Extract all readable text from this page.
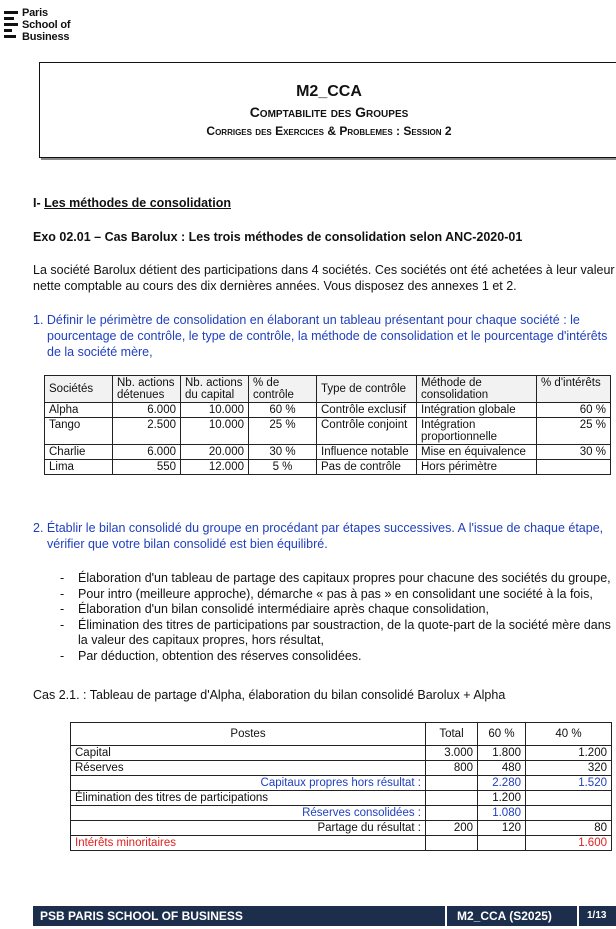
Paris
School of
Business
M2_CCA
Comptabilite des Groupes
Corriges des Exercices & Problemes : Session 2
I- Les méthodes de consolidation
Exo 02.01 – Cas Barolux : Les trois méthodes de consolidation selon ANC-2020-01
La société Barolux détient des participations dans 4 sociétés. Ces sociétés ont été achetées à leur valeur nette comptable au cours des dix dernières années. Vous disposez des annexes 1 et 2.
1. Définir le périmètre de consolidation en élaborant un tableau présentant pour chaque société : le pourcentage de contrôle, le type de contrôle, la méthode de consolidation et le pourcentage d'intérêts de la société mère,
Sociétés	Nb. actions détenues	Nb. actions du capital	% de contrôle	Type de contrôle	Méthode de consolidation	% d'intérêts
Alpha	6.000	10.000	60 %	Contrôle exclusif	Intégration globale	60 %
Tango	2.500	10.000	25 %	Contrôle conjoint	Intégration proportionnelle	25 %
Charlie	6.000	20.000	30 %	Influence notable	Mise en équivalence	30 %
Lima	550	12.000	5 %	Pas de contrôle	Hors périmètre	
2. Établir le bilan consolidé du groupe en procédant par étapes successives. A l'issue de chaque étape, vérifier que votre bilan consolidé est bien équilibré.
- Élaboration d'un tableau de partage des capitaux propres pour chacune des sociétés du groupe,
- Pour intro (meilleure approche), démarche « pas à pas » en consolidant une société à la fois,
- Élaboration d'un bilan consolidé intermédiaire après chaque consolidation,
- Élimination des titres de participations par soustraction, de la quote-part de la société mère dans la valeur des capitaux propres, hors résultat,
- Par déduction, obtention des réserves consolidées.
Cas 2.1. : Tableau de partage d'Alpha, élaboration du bilan consolidé Barolux + Alpha
Postes	Total	60 %	40 %
Capital	3.000	1.800	1.200
Réserves	800	480	320
Capitaux propres hors résultat :		2.280	1.520
Élimination des titres de participations		1.200	
Réserves consolidées :		1.080	
Partage du résultat :	200	120	80
Intérêts minoritaires			1.600
PSB PARIS SCHOOL OF BUSINESS	M2_CCA (S2025)	1/13
